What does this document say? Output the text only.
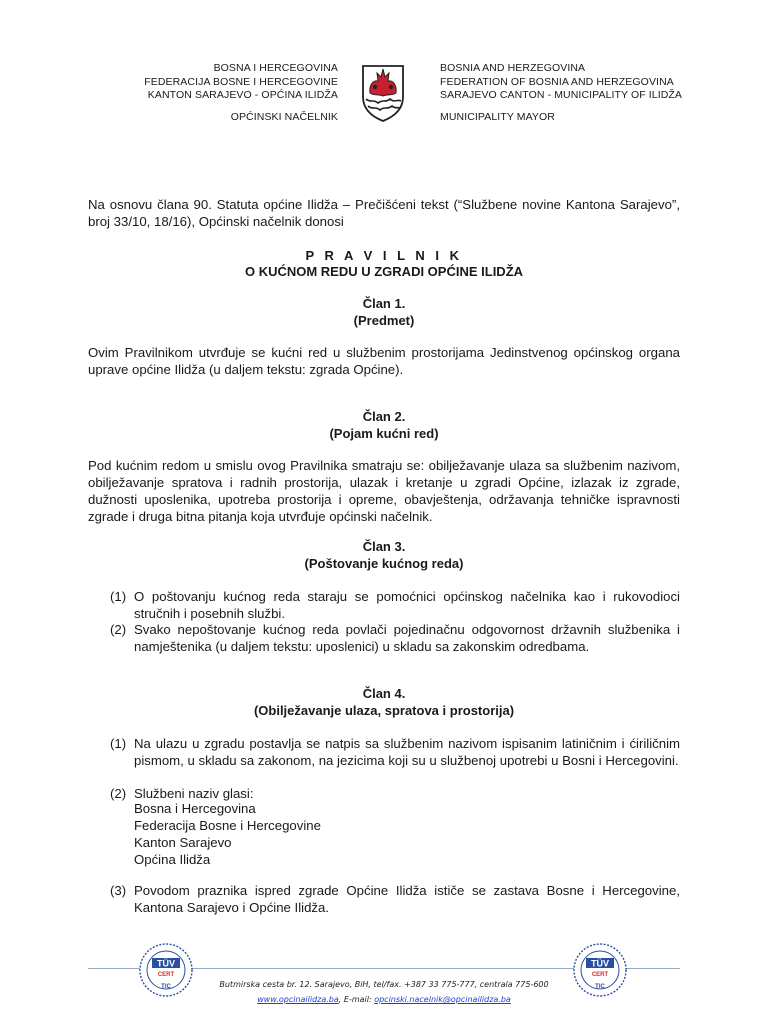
BOSNA I HERCEGOVINA
FEDERACIJA BOSNE I HERCEGOVINE
KANTON SARAJEVO - OPĆINA ILIDŽA
OPĆINSKI NAČELNIK
BOSNIA AND HERZEGOVINA
FEDERATION OF BOSNIA AND HERZEGOVINA
SARAJEVO CANTON - MUNICIPALITY OF ILIDŽA
MUNICIPALITY MAYOR
Na osnovu člana 90. Statuta općine Ilidža – Prečišćeni tekst (“Službene novine Kantona Sarajevo”, broj 33/10, 18/16), Općinski načelnik donosi
P R A V I L N I K
O KUĆNOM REDU U ZGRADI OPĆINE ILIDŽA
Član 1.
(Predmet)
Ovim Pravilnikom utvrđuje se kućni red u službenim prostorijama Jedinstvenog općinskog organa uprave općine Ilidža (u daljem tekstu: zgrada Općine).
Član 2.
(Pojam kućni red)
Pod kućnim redom u smislu ovog Pravilnika smatraju se: obilježavanje ulaza sa službenim nazivom, obilježavanje spratova i radnih prostorija, ulazak i kretanje u zgradi Općine, izlazak iz zgrade, dužnosti uposlenika, upotreba prostorija i opreme, obavještenja, održavanja tehničke ispravnosti zgrade i druga bitna pitanja koja utvrđuje općinski načelnik.
Član 3.
(Poštovanje kućnog reda)
(1) O poštovanju kućnog reda staraju se pomoćnici općinskog načelnika kao i rukovodioci stručnih i posebnih službi.
(2) Svako nepoštovanje kućnog reda povlači pojedinačnu odgovornost državnih službenika i namještenika (u daljem tekstu: uposlenici) u skladu sa zakonskim odredbama.
Član 4.
(Obilježavanje ulaza, spratova i prostorija)
(1) Na ulazu u zgradu postavlja se natpis sa službenim nazivom ispisanim latiničnim i ćiriličnim pismom, u skladu sa zakonom, na jezicima koji su u službenoj upotrebi u Bosni i Hercegovini.
(2) Službeni naziv glasi:
Bosna i Hercegovina
Federacija Bosne i Hercegovine
Kanton Sarajevo
Općina Ilidža
(3) Povodom praznika ispred zgrade Općine Ilidža ističe se zastava Bosne i Hercegovine, Kantona Sarajevo i Općine Ilidža.
TÜV
CERT
TIC
TÜV
CERT
TIC
Butmirska cesta br. 12. Sarajevo, BiH, tel/fax. +387 33 775-777, centrala 775-600
www.opcinailidza.ba, E-mail: opcinski.nacelnik@opcinailidza.ba
